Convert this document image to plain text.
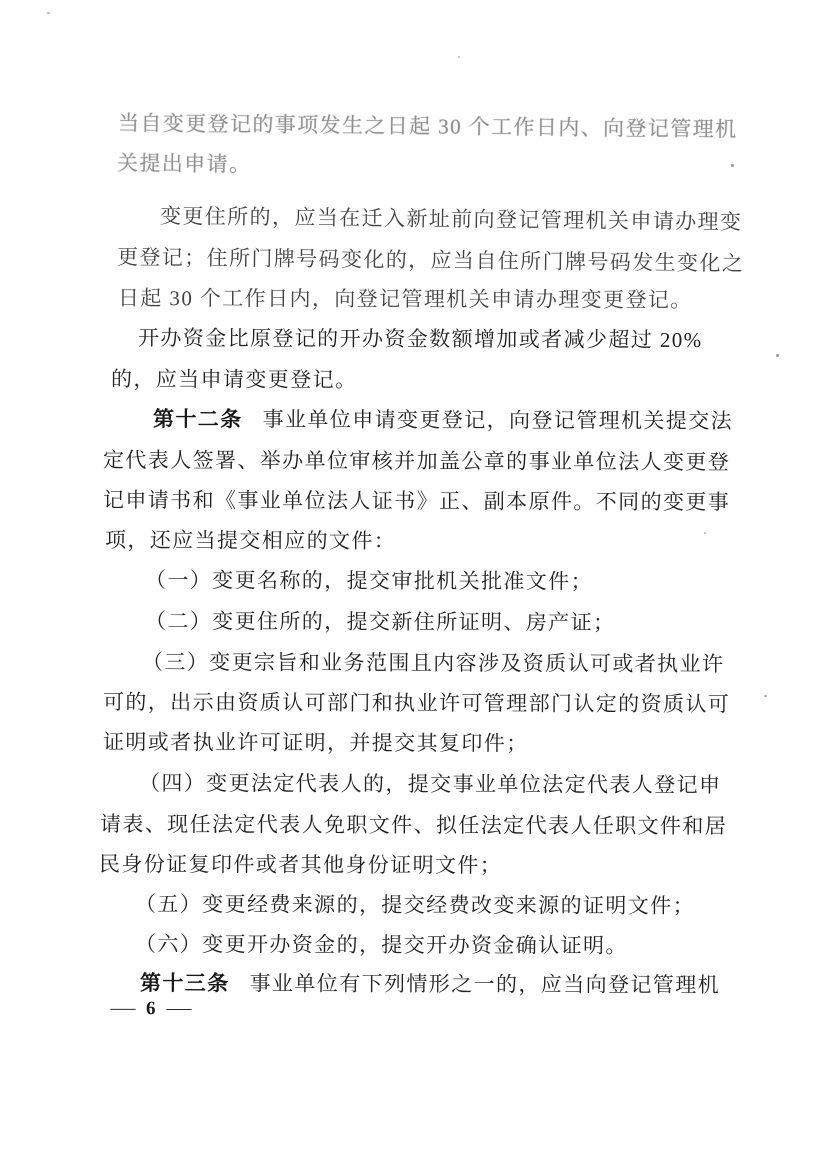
当自变更登记的事项发生之日起 30 个工作日内、向登记管理机
关提出申请。
变更住所的，应当在迁入新址前向登记管理机关申请办理变
更登记；住所门牌号码变化的，应当自住所门牌号码发生变化之
日起 30 个工作日内，向登记管理机关申请办理变更登记。
开办资金比原登记的开办资金数额增加或者减少超过 20%
的，应当申请变更登记。
第十二条 事业单位申请变更登记，向登记管理机关提交法
定代表人签署、举办单位审核并加盖公章的事业单位法人变更登
记申请书和《事业单位法人证书》正、副本原件。不同的变更事
项，还应当提交相应的文件：
（一）变更名称的，提交审批机关批准文件；
（二）变更住所的，提交新住所证明、房产证；
（三）变更宗旨和业务范围且内容涉及资质认可或者执业许
可的，出示由资质认可部门和执业许可管理部门认定的资质认可
证明或者执业许可证明，并提交其复印件；
（四）变更法定代表人的，提交事业单位法定代表人登记申
请表、现任法定代表人免职文件、拟任法定代表人任职文件和居
民身份证复印件或者其他身份证明文件；
（五）变更经费来源的，提交经费改变来源的证明文件；
（六）变更开办资金的，提交开办资金确认证明。
第十三条 事业单位有下列情形之一的，应当向登记管理机
— 6 —
